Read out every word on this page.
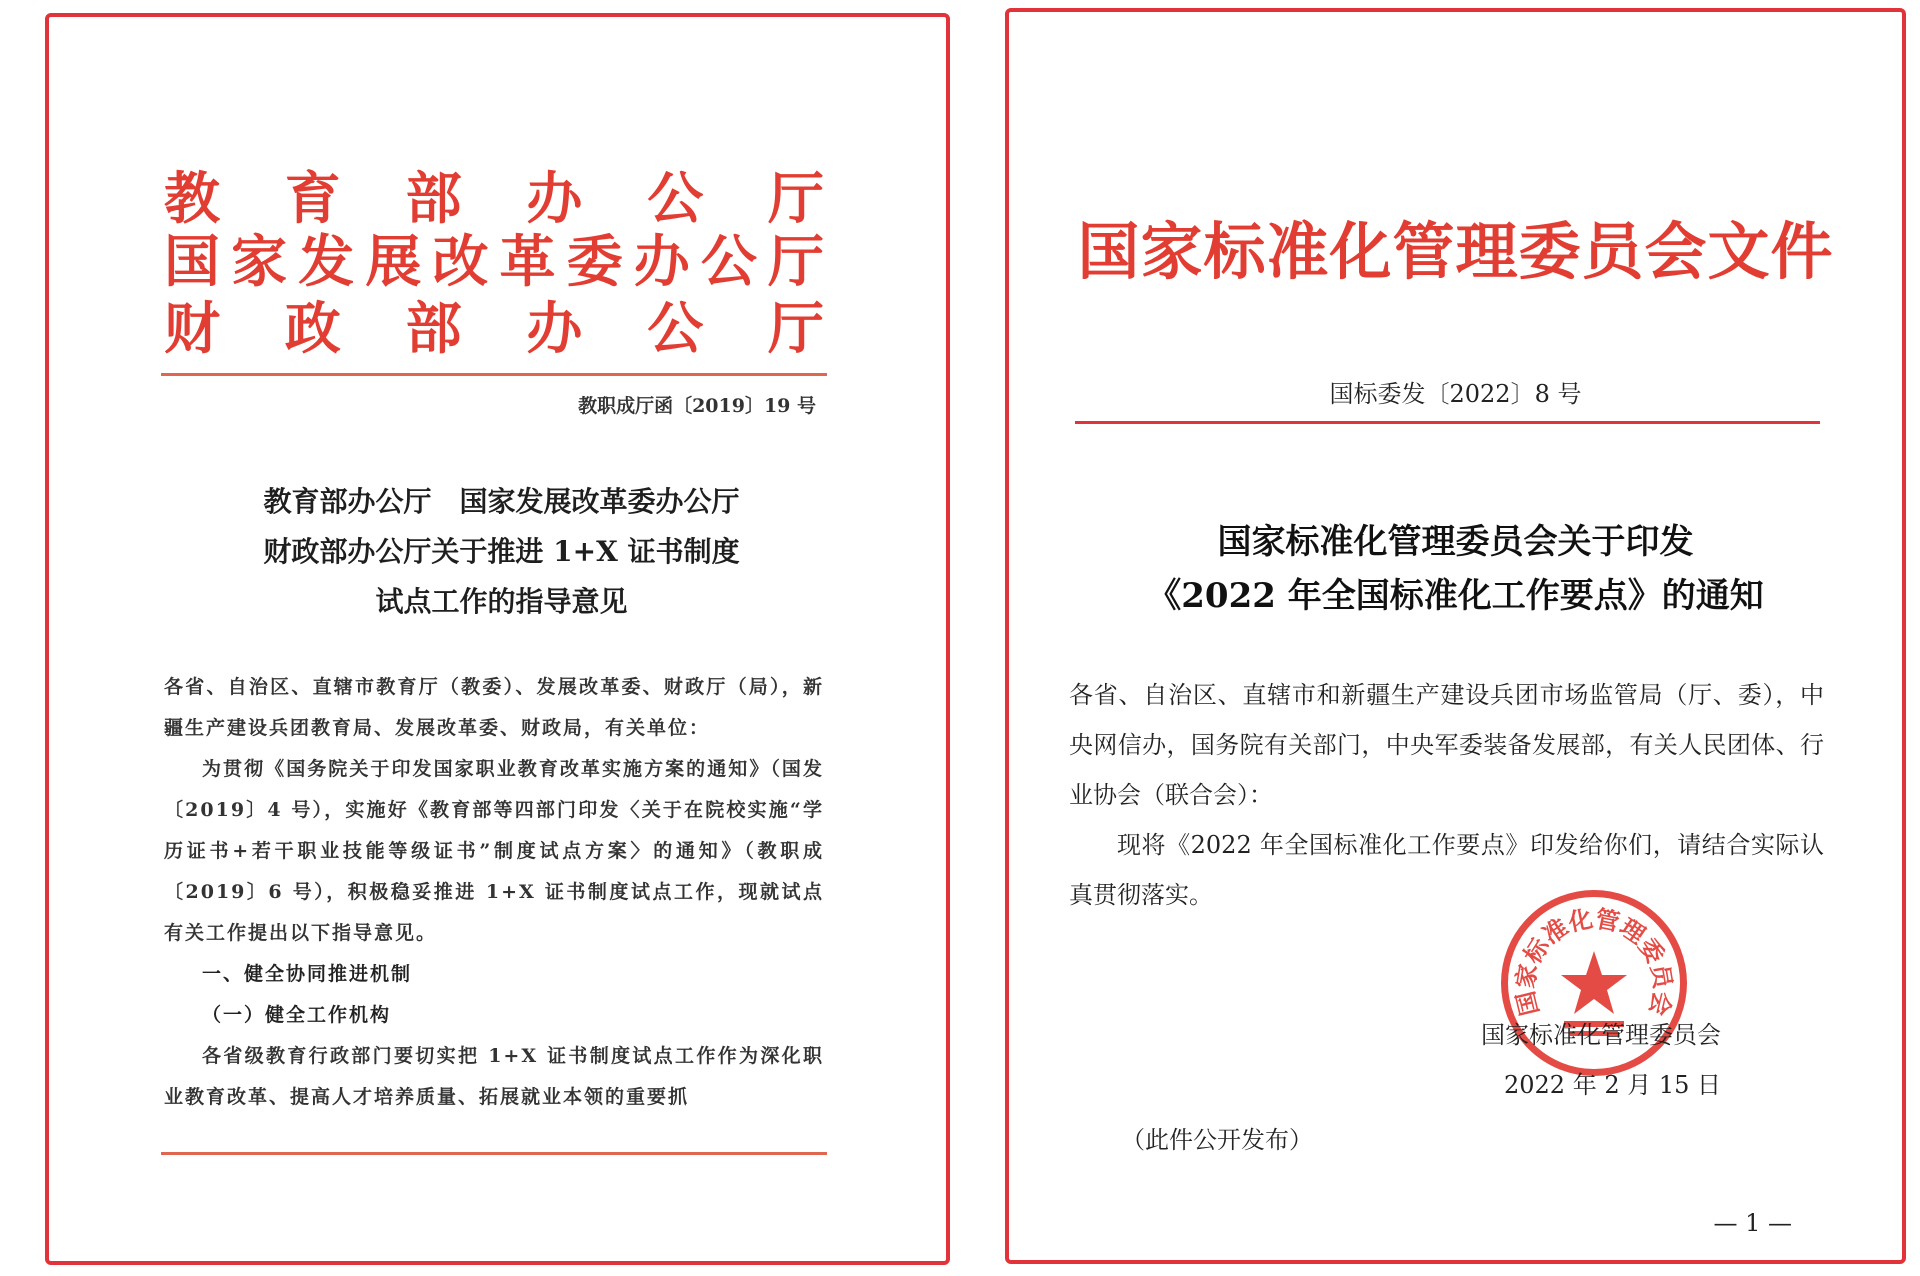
教 育 部 办 公 厅
国 家 发 展 改 革 委 办 公 厅
财 政 部 办 公 厅
教职成厅函〔2019〕19 号
教育部办公厅　国家发展改革委办公厅
财政部办公厅关于推进 1+X 证书制度
试点工作的指导意见

各省、自治区、直辖市教育厅（教委）、发展改革委、财政厅（局），新疆生产建设兵团教育局、发展改革委、财政局，有关单位：

为贯彻《国务院关于印发国家职业教育改革实施方案的通知》（国发〔2019〕4 号），实施好《教育部等四部门印发〈关于在院校实施“学历证书+若干职业技能等级证书”制度试点方案〉的通知》（教职成〔2019〕6 号），积极稳妥推进 1+X 证书制度试点工作，现就试点有关工作提出以下指导意见。

一、健全协同推进机制

（一）健全工作机构

各省级教育行政部门要切实把 1+X 证书制度试点工作作为深化职业教育改革、提高人才培养质量、拓展就业本领的重要抓

国家标准化管理委员会文件
国标委发〔2022〕8 号
国家标准化管理委员会关于印发
《2022 年全国标准化工作要点》的通知

各省、自治区、直辖市和新疆生产建设兵团市场监管局（厅、委），中央网信办，国务院有关部门，中央军委装备发展部，有关人民团体、行业协会（联合会）：

现将《2022 年全国标准化工作要点》印发给你们，请结合实际认真贯彻落实。

国家标准化管理委员会
国家标准化管理委员会
2022 年 2 月 15 日
（此件公开发布）
— 1 —
